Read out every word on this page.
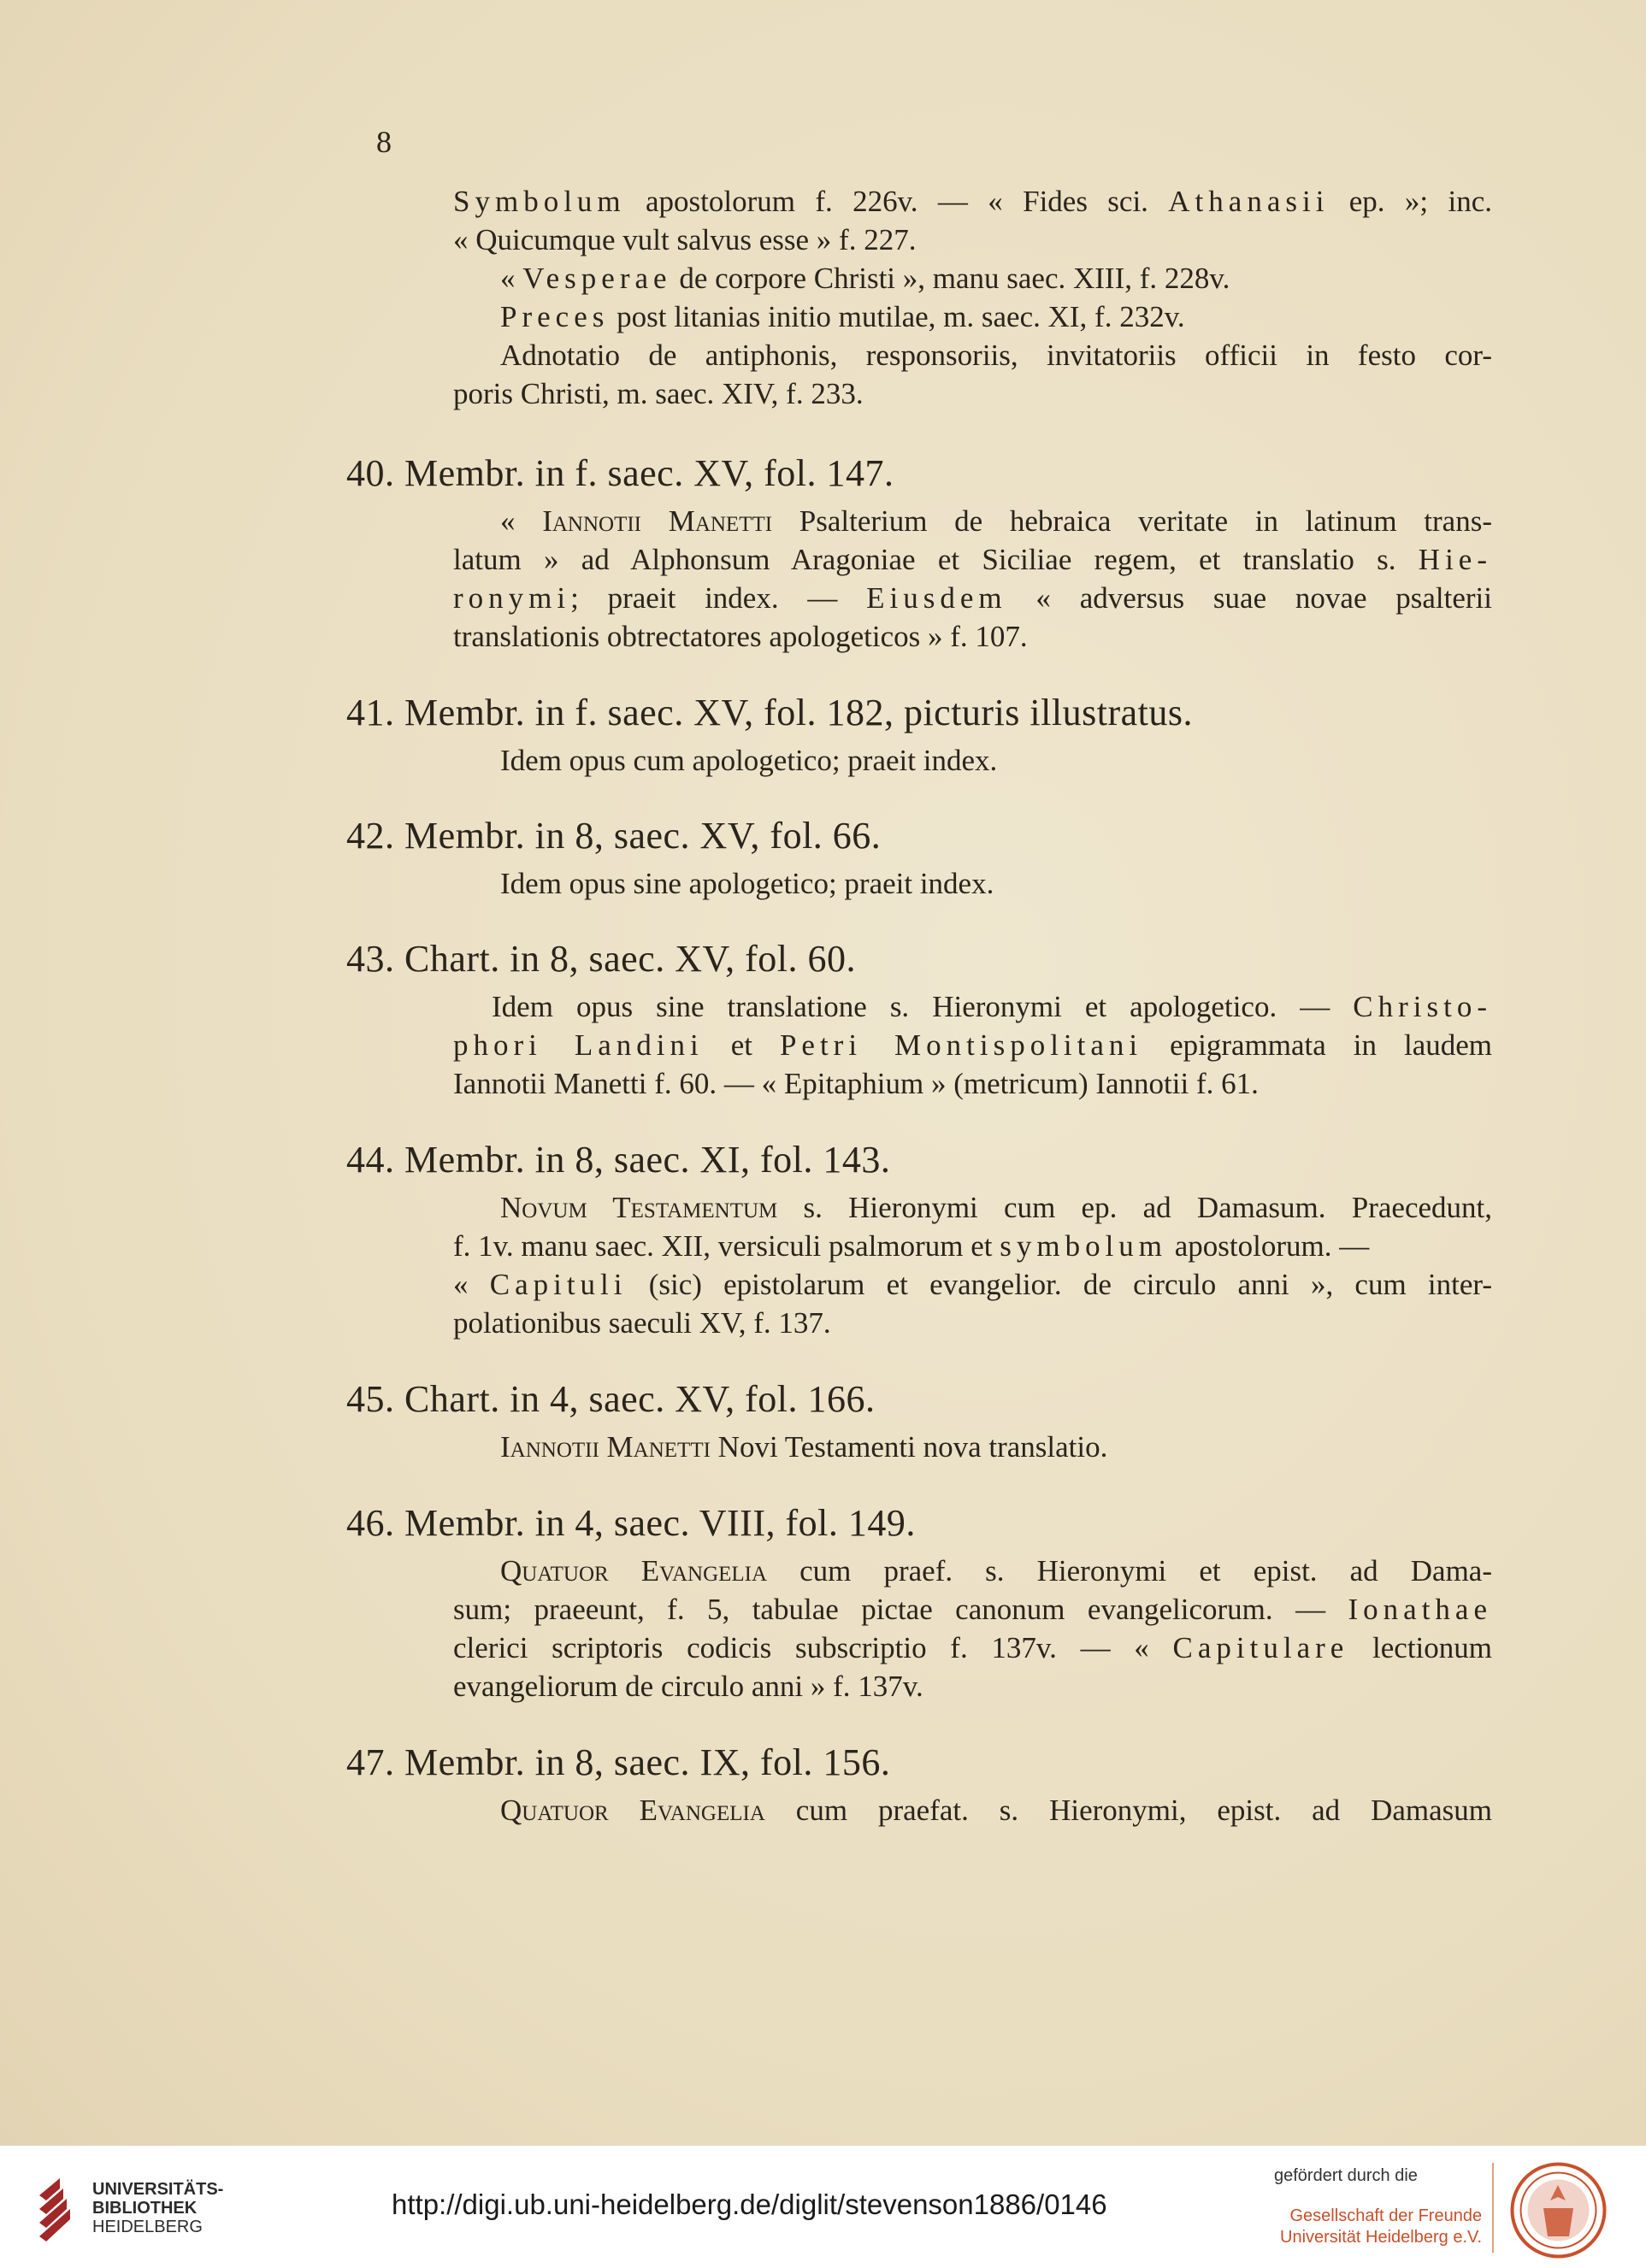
8
40. Membr. in f. saec. XV, fol. 147.
41. Membr. in f. saec. XV, fol. 182, picturis illustratus.
42. Membr. in 8, saec. XV, fol. 66.
43. Chart. in 8, saec. XV, fol. 60.
44. Membr. in 8, saec. XI, fol. 143.
45. Chart. in 4, saec. XV, fol. 166.
46. Membr. in 4, saec. VIII, fol. 149.
47. Membr. in 8, saec. IX, fol. 156.
Symbolum apostolorum f. 226v. — « Fides sci. Athanasii ep. »; inc.
« Quicumque vult salvus esse » f. 227.
« Vesperae de corpore Christi », manu saec. XIII, f. 228v.
Preces post litanias initio mutilae, m. saec. XI, f. 232v.
Adnotatio de antiphonis, responsoriis, invitatoriis officii in festo cor-
poris Christi, m. saec. XIV, f. 233.
« Iannotii Manetti Psalterium de hebraica veritate in latinum trans-
latum » ad Alphonsum Aragoniae et Siciliae regem, et translatio s. Hie-
ronymi; praeit index. — Eiusdem « adversus suae novae psalterii
translationis obtrectatores apologeticos » f. 107.
Idem opus cum apologetico; praeit index.
Idem opus sine apologetico; praeit index.
Idem opus sine translatione s. Hieronymi et apologetico. — Christo-
phori Landini et Petri Montispolitani epigrammata in laudem
Iannotii Manetti f. 60. — « Epitaphium » (metricum) Iannotii f. 61.
Novum Testamentum s. Hieronymi cum ep. ad Damasum. Praecedunt,
f. 1v. manu saec. XII, versiculi psalmorum et symbolum apostolorum. —
« Capituli (sic) epistolarum et evangelior. de circulo anni », cum inter-
polationibus saeculi XV, f. 137.
Iannotii Manetti Novi Testamenti nova translatio.
Quatuor Evangelia cum praef. s. Hieronymi et epist. ad Dama-
sum; praeeunt, f. 5, tabulae pictae canonum evangelicorum. — Ionathae
clerici scriptoris codicis subscriptio f. 137v. — « Capitulare lectionum
evangeliorum de circulo anni » f. 137v.
Quatuor Evangelia cum praefat. s. Hieronymi, epist. ad Damasum
UNIVERSITÄTS-
BIBLIOTHEK
HEIDELBERG
http://digi.ub.uni-heidelberg.de/diglit/stevenson1886/0146
gefördert durch die
Gesellschaft der Freunde
Universität Heidelberg e.V.
